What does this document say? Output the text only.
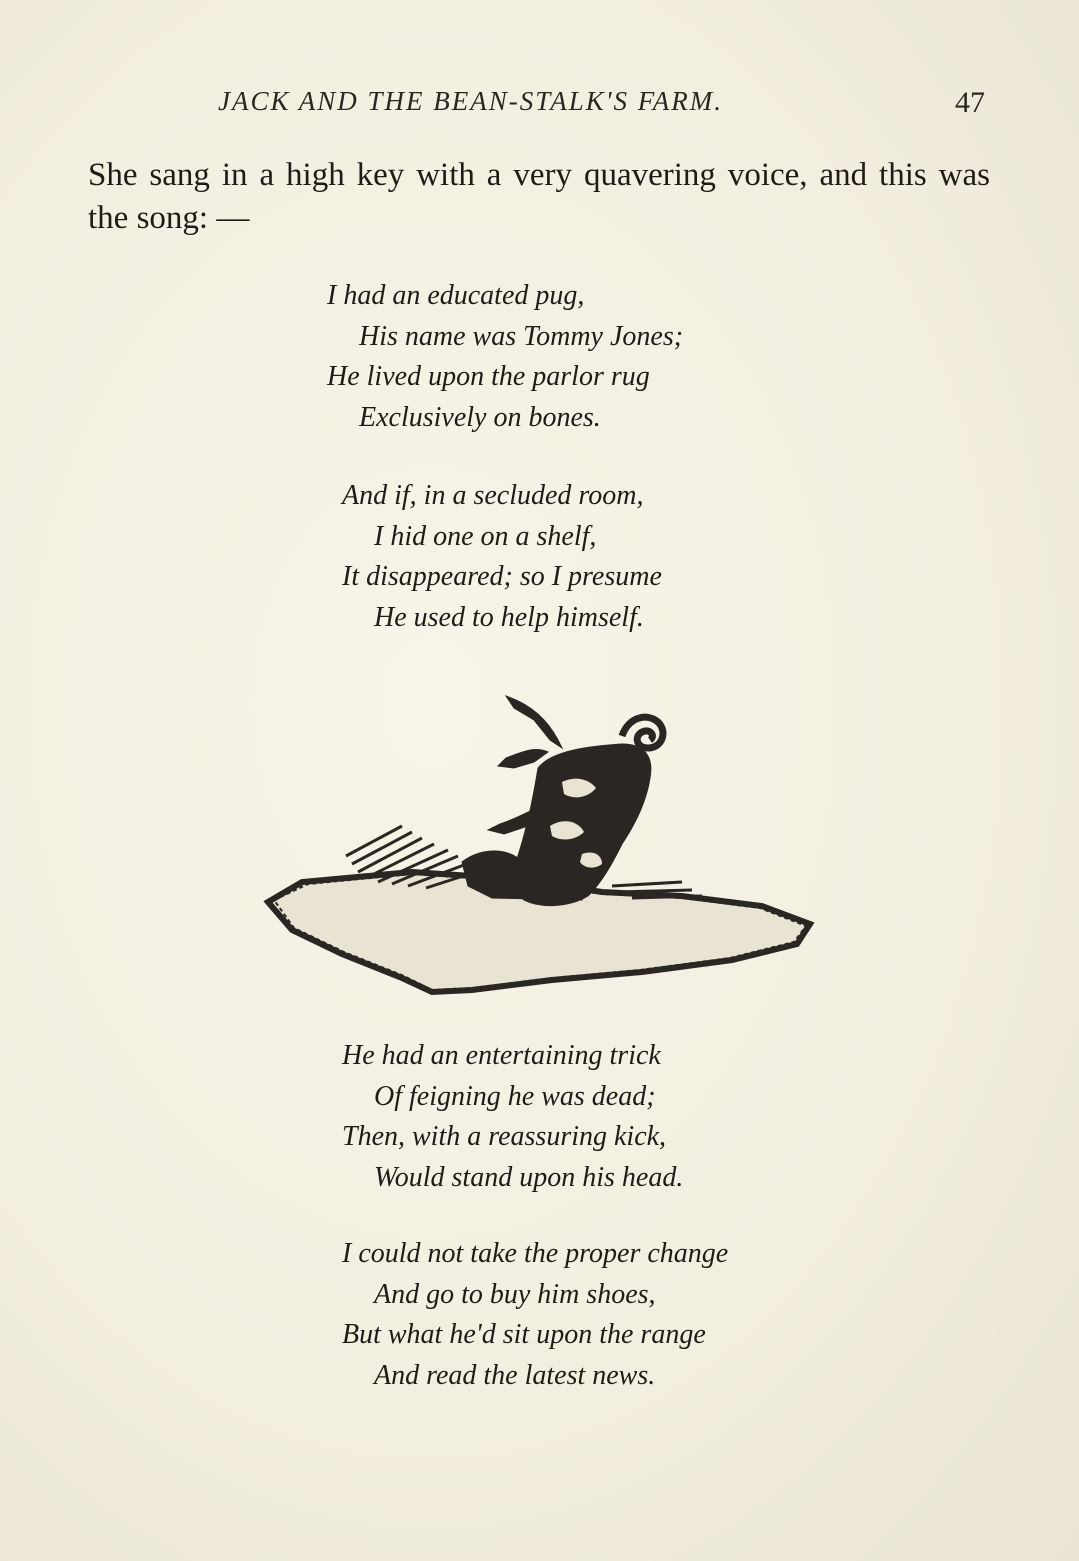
JACK AND THE BEAN-STALK'S FARM.	47

She sang in a high key with a very quavering voice, and this was the song: —

I had an educated pug,
His name was Tommy Jones;
He lived upon the parlor rug
Exclusively on bones.
And if, in a secluded room,
I hid one on a shelf,
It disappeared; so I presume
He used to help himself.
He had an entertaining trick
Of feigning he was dead;
Then, with a reassuring kick,
Would stand upon his head.
I could not take the proper change
And go to buy him shoes,
But what he'd sit upon the range
And read the latest news.
